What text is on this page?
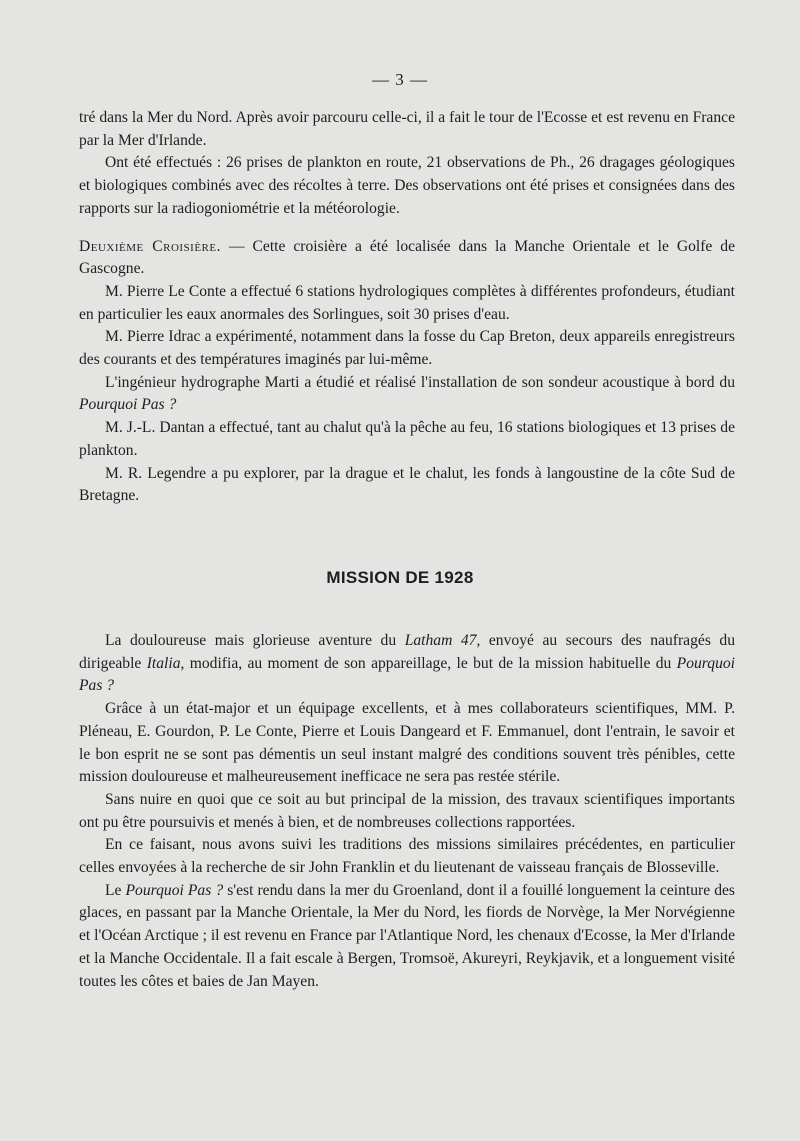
— 3 —

tré dans la Mer du Nord. Après avoir parcouru celle-ci, il a fait le tour de l'Ecosse et est revenu en France par la Mer d'Irlande.

Ont été effectués : 26 prises de plankton en route, 21 observations de Ph., 26 dragages géologiques et biologiques combinés avec des récoltes à terre. Des observations ont été prises et consignées dans des rapports sur la radiogoniométrie et la météorologie.

Deuxième Croisière. — Cette croisière a été localisée dans la Manche Orientale et le Golfe de Gascogne.

M. Pierre Le Conte a effectué 6 stations hydrologiques complètes à différentes profondeurs, étudiant en particulier les eaux anormales des Sorlingues, soit 30 prises d'eau.

M. Pierre Idrac a expérimenté, notamment dans la fosse du Cap Breton, deux appareils enregistreurs des courants et des températures imaginés par lui-même.

L'ingénieur hydrographe Marti a étudié et réalisé l'installation de son sondeur acoustique à bord du Pourquoi Pas ?

M. J.-L. Dantan a effectué, tant au chalut qu'à la pêche au feu, 16 stations biologiques et 13 prises de plankton.

M. R. Legendre a pu explorer, par la drague et le chalut, les fonds à langoustine de la côte Sud de Bretagne.

MISSION DE 1928

La douloureuse mais glorieuse aventure du Latham 47, envoyé au secours des naufragés du dirigeable Italia, modifia, au moment de son appareillage, le but de la mission habituelle du Pourquoi Pas ?

Grâce à un état-major et un équipage excellents, et à mes collaborateurs scientifiques, MM. P. Pléneau, E. Gourdon, P. Le Conte, Pierre et Louis Dangeard et F. Emmanuel, dont l'entrain, le savoir et le bon esprit ne se sont pas démentis un seul instant malgré des conditions souvent très pénibles, cette mission douloureuse et malheureusement inefficace ne sera pas restée stérile.

Sans nuire en quoi que ce soit au but principal de la mission, des travaux scientifiques importants ont pu être poursuivis et menés à bien, et de nombreuses collections rapportées.

En ce faisant, nous avons suivi les traditions des missions similaires précédentes, en particulier celles envoyées à la recherche de sir John Franklin et du lieutenant de vaisseau français de Blosseville.

Le Pourquoi Pas ? s'est rendu dans la mer du Groenland, dont il a fouillé longuement la ceinture des glaces, en passant par la Manche Orientale, la Mer du Nord, les fiords de Norvège, la Mer Norvégienne et l'Océan Arctique ; il est revenu en France par l'Atlantique Nord, les chenaux d'Ecosse, la Mer d'Irlande et la Manche Occidentale. Il a fait escale à Bergen, Tromsoë, Akureyri, Reykjavik, et a longuement visité toutes les côtes et baies de Jan Mayen.
